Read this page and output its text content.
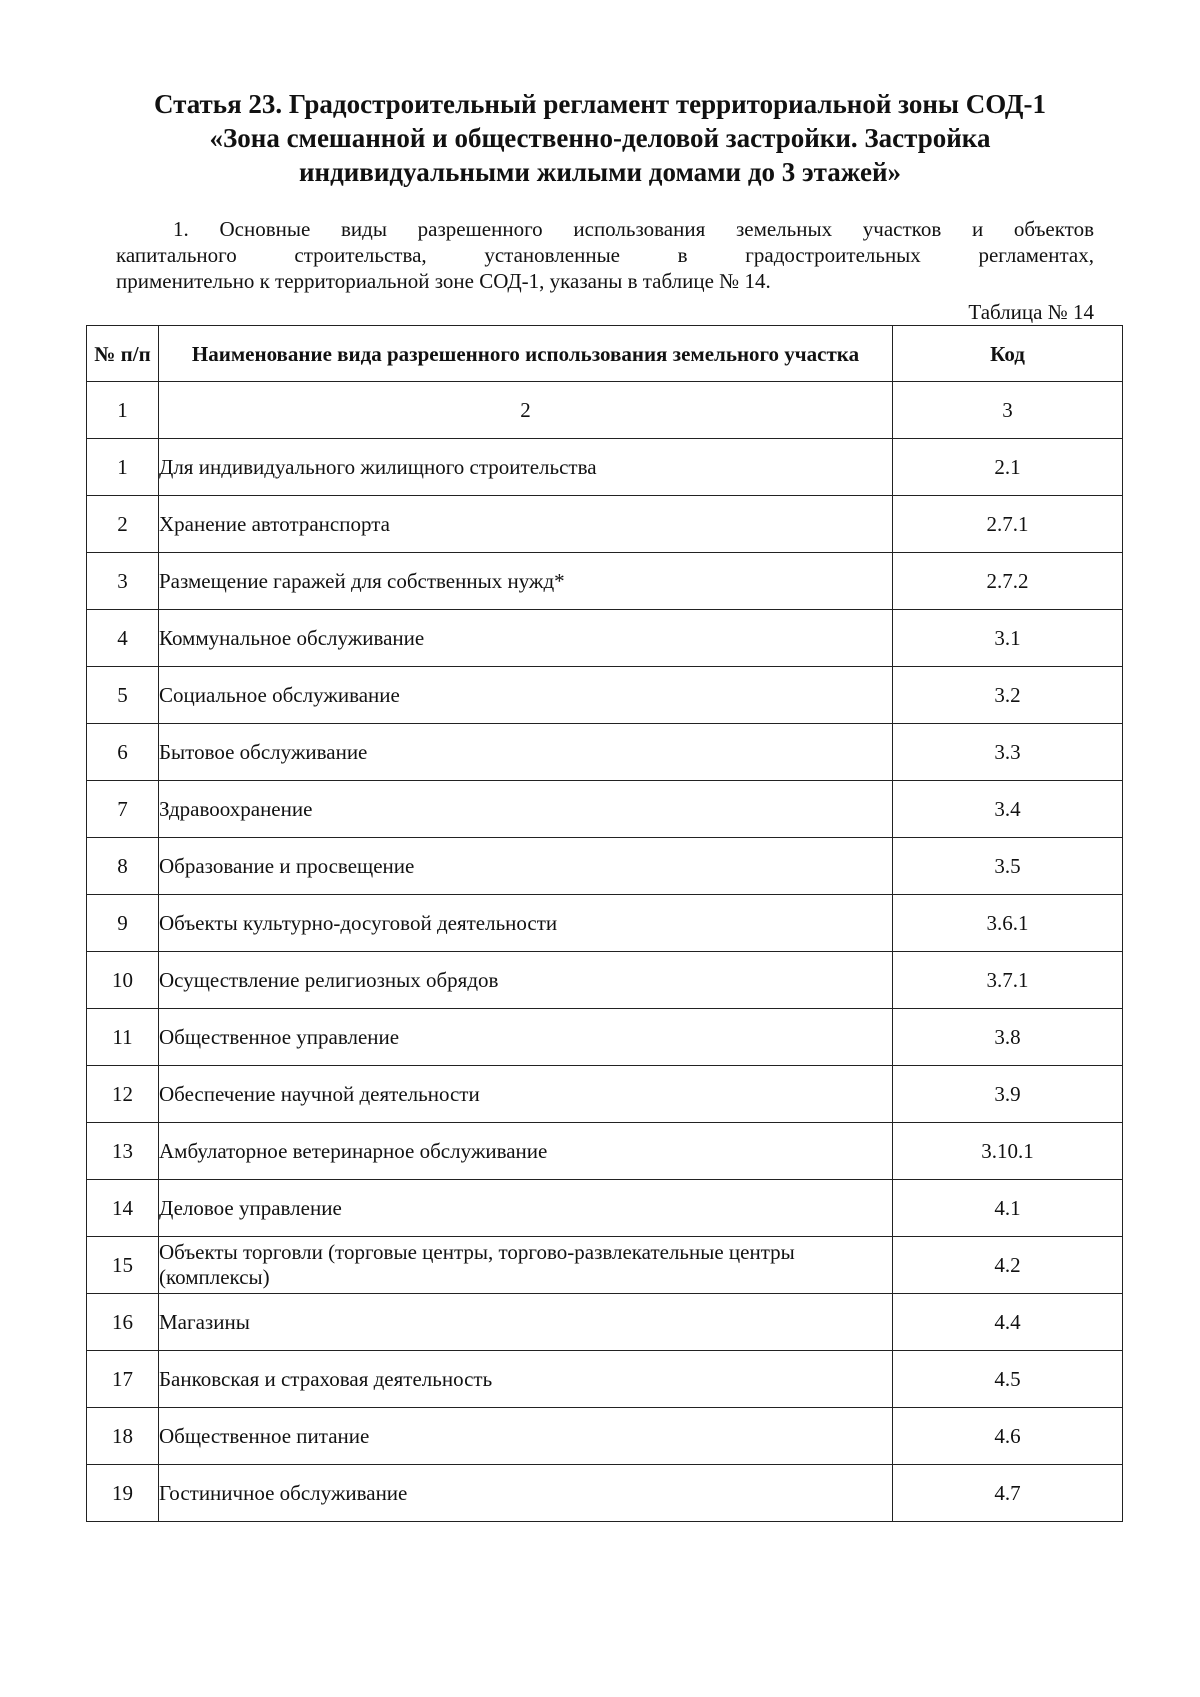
Статья 23. Градостроительный регламент территориальной зоны СОД-1
«Зона смешанной и общественно-деловой застройки. Застройка
индивидуальными жилыми домами до 3 этажей»
1. Основные виды разрешенного использования земельных участков и объектов
капитального строительства, установленные в градостроительных регламентах,
применительно к территориальной зоне СОД-1, указаны в таблице № 14.
Таблица № 14
№ п/п	Наименование вида разрешенного использования земельного участка	Код
1	2	3
1	Для индивидуального жилищного строительства	2.1
2	Хранение автотранспорта	2.7.1
3	Размещение гаражей для собственных нужд*	2.7.2
4	Коммунальное обслуживание	3.1
5	Социальное обслуживание	3.2
6	Бытовое обслуживание	3.3
7	Здравоохранение	3.4
8	Образование и просвещение	3.5
9	Объекты культурно-досуговой деятельности	3.6.1
10	Осуществление религиозных обрядов	3.7.1
11	Общественное управление	3.8
12	Обеспечение научной деятельности	3.9
13	Амбулаторное ветеринарное обслуживание	3.10.1
14	Деловое управление	4.1
15	Объекты торговли (торговые центры, торгово-развлекательные центры (комплексы)	4.2
16	Магазины	4.4
17	Банковская и страховая деятельность	4.5
18	Общественное питание	4.6
19	Гостиничное обслуживание	4.7
